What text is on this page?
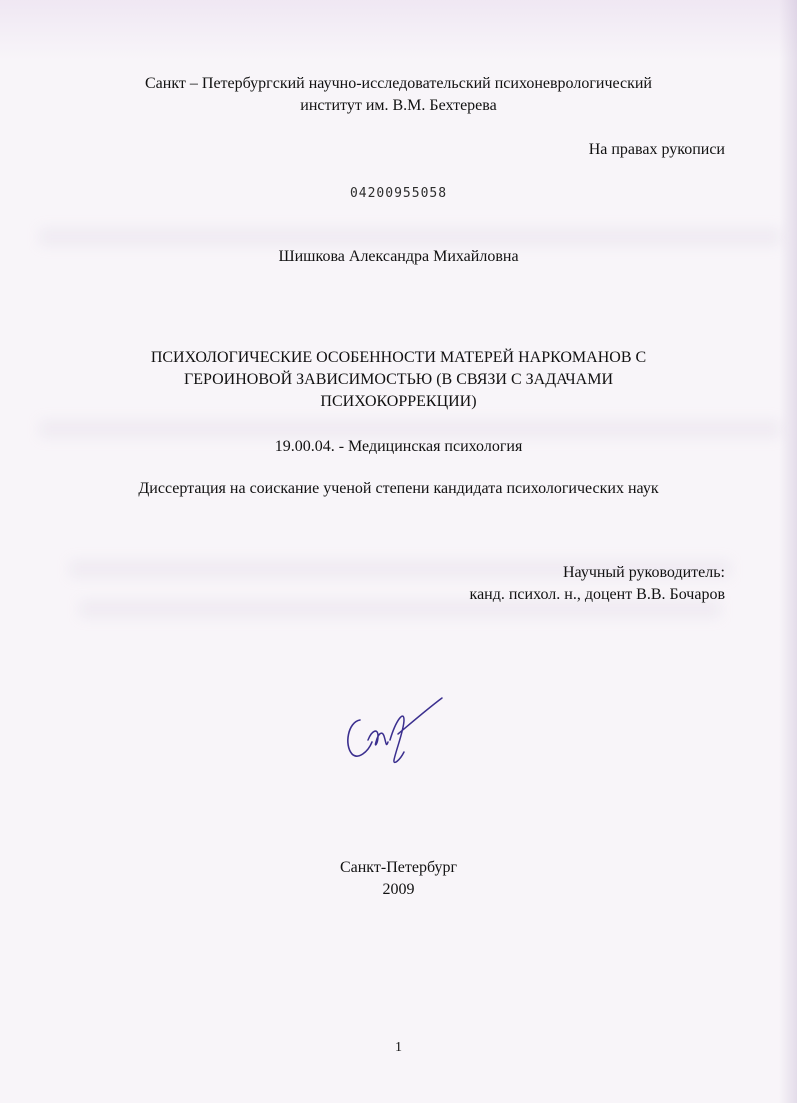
Санкт – Петербургский научно-исследовательский психоневрологический
институт им. В.М. Бехтерева
На правах рукописи
04200955058
Шишкова Александра Михайловна
ПСИХОЛОГИЧЕСКИЕ ОСОБЕННОСТИ МАТЕРЕЙ НАРКОМАНОВ С
ГЕРОИНОВОЙ ЗАВИСИМОСТЬЮ (В СВЯЗИ С ЗАДАЧАМИ
ПСИХОКОРРЕКЦИИ)
19.00.04. - Медицинская психология
Диссертация на соискание ученой степени кандидата психологических наук
Научный руководитель:
канд. психол. н., доцент В.В. Бочаров
Санкт-Петербург
2009
1
